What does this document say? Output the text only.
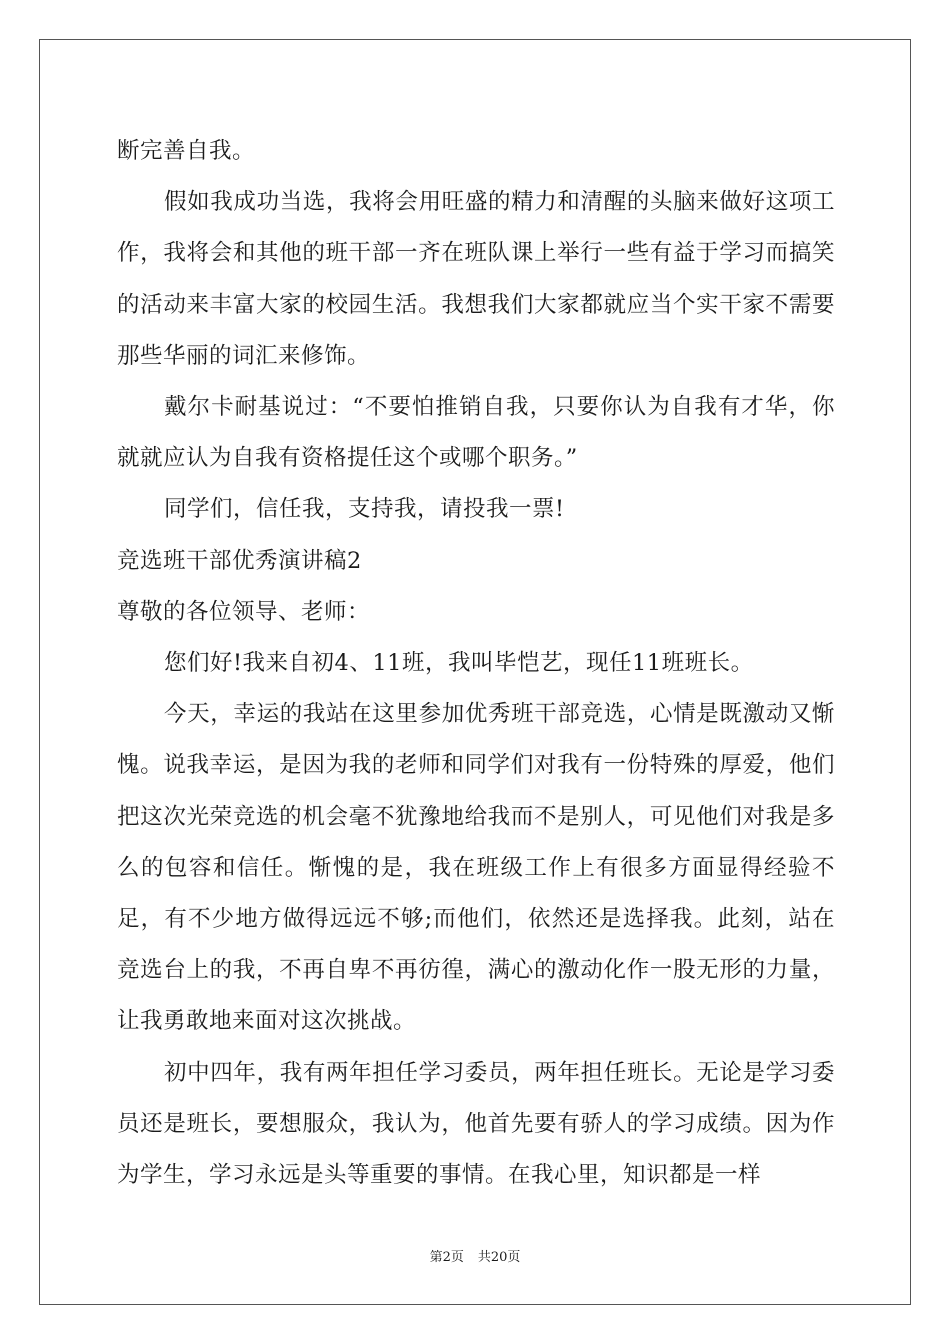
断完善自我。

假如我成功当选，我将会用旺盛的精力和清醒的头脑来做好这项工作，我将会和其他的班干部一齐在班队课上举行一些有益于学习而搞笑的活动来丰富大家的校园生活。我想我们大家都就应当个实干家不需要那些华丽的词汇来修饰。

戴尔卡耐基说过：“不要怕推销自我，只要你认为自我有才华，你就就应认为自我有资格提任这个或哪个职务。”

同学们，信任我，支持我，请投我一票!

竞选班干部优秀演讲稿2

尊敬的各位领导、老师：

您们好!我来自初4、11班，我叫毕恺艺，现任11班班长。

今天，幸运的我站在这里参加优秀班干部竞选，心情是既激动又惭愧。说我幸运，是因为我的老师和同学们对我有一份特殊的厚爱，他们把这次光荣竞选的机会毫不犹豫地给我而不是别人，可见他们对我是多么的包容和信任。惭愧的是，我在班级工作上有很多方面显得经验不足，有不少地方做得远远不够;而他们，依然还是选择我。此刻，站在竞选台上的我，不再自卑不再彷徨，满心的激动化作一股无形的力量，让我勇敢地来面对这次挑战。

初中四年，我有两年担任学习委员，两年担任班长。无论是学习委员还是班长，要想服众，我认为，他首先要有骄人的学习成绩。因为作为学生，学习永远是头等重要的事情。在我心里，知识都是一样

第2页 共20页
